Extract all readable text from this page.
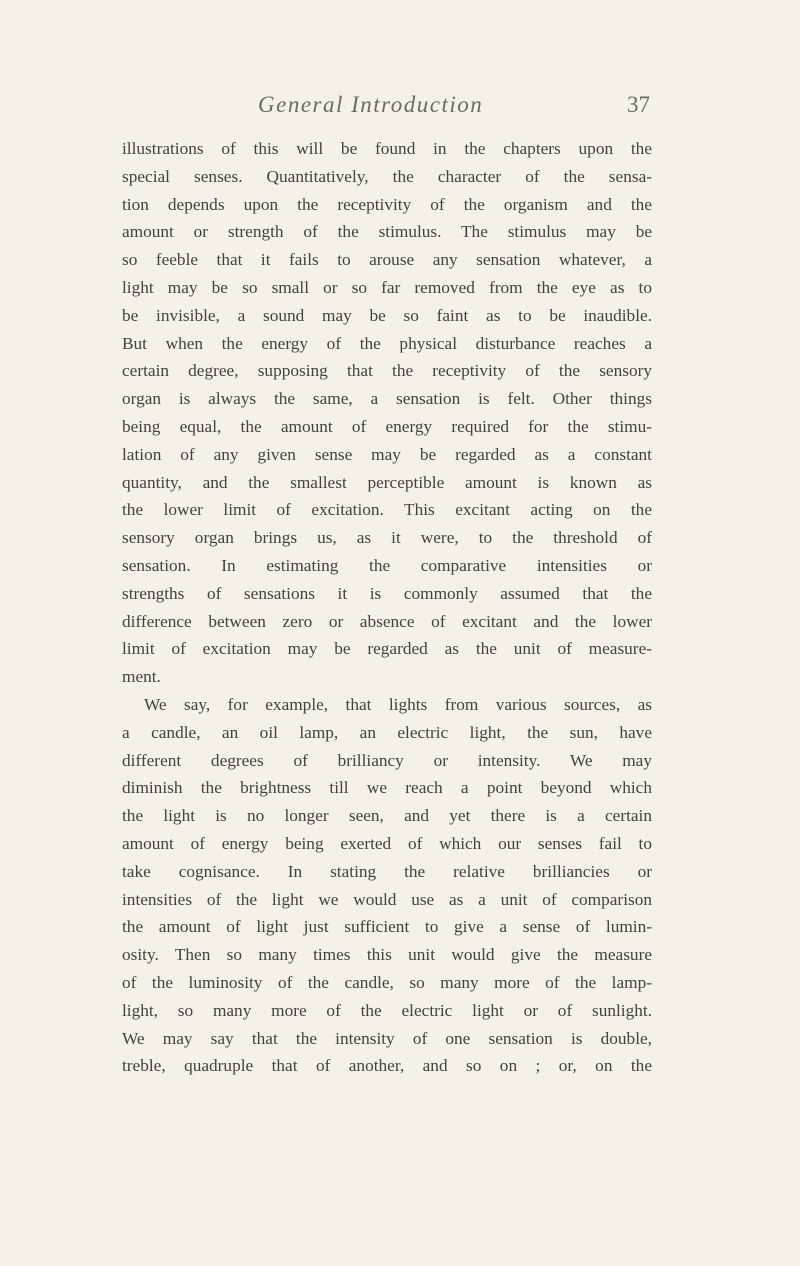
General Introduction	37
illustrations of this will be found in the chapters upon the
special senses. Quantitatively, the character of the sensa-
tion depends upon the receptivity of the organism and the
amount or strength of the stimulus. The stimulus may be
so feeble that it fails to arouse any sensation whatever, a
light may be so small or so far removed from the eye as to
be invisible, a sound may be so faint as to be inaudible.
But when the energy of the physical disturbance reaches a
certain degree, supposing that the receptivity of the sensory
organ is always the same, a sensation is felt. Other things
being equal, the amount of energy required for the stimu-
lation of any given sense may be regarded as a constant
quantity, and the smallest perceptible amount is known as
the lower limit of excitation. This excitant acting on the
sensory organ brings us, as it were, to the threshold of
sensation. In estimating the comparative intensities or
strengths of sensations it is commonly assumed that the
difference between zero or absence of excitant and the lower
limit of excitation may be regarded as the unit of measure-
ment.
We say, for example, that lights from various sources, as
a candle, an oil lamp, an electric light, the sun, have
different degrees of brilliancy or intensity. We may
diminish the brightness till we reach a point beyond which
the light is no longer seen, and yet there is a certain
amount of energy being exerted of which our senses fail to
take cognisance. In stating the relative brilliancies or
intensities of the light we would use as a unit of comparison
the amount of light just sufficient to give a sense of lumin-
osity. Then so many times this unit would give the measure
of the luminosity of the candle, so many more of the lamp-
light, so many more of the electric light or of sunlight.
We may say that the intensity of one sensation is double,
treble, quadruple that of another, and so on ; or, on the
